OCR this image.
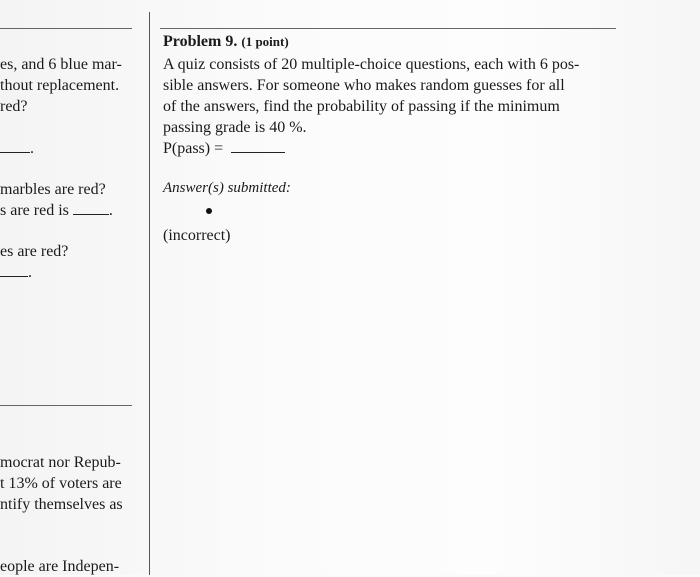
es, and 6 blue mar-
thout replacement.
red?
.
marbles are red?
s are red is	.
es are red?
.
mocrat nor Repub-
t 13% of voters are
ntify themselves as
eople are Indepen-
Problem 9. (1 point)
A quiz consists of 20 multiple-choice questions, each with 6 pos-
sible answers. For someone who makes random guesses for all
of the answers, find the probability of passing if the minimum
passing grade is 40 %.
P(pass) =
Answer(s) submitted:
(incorrect)
